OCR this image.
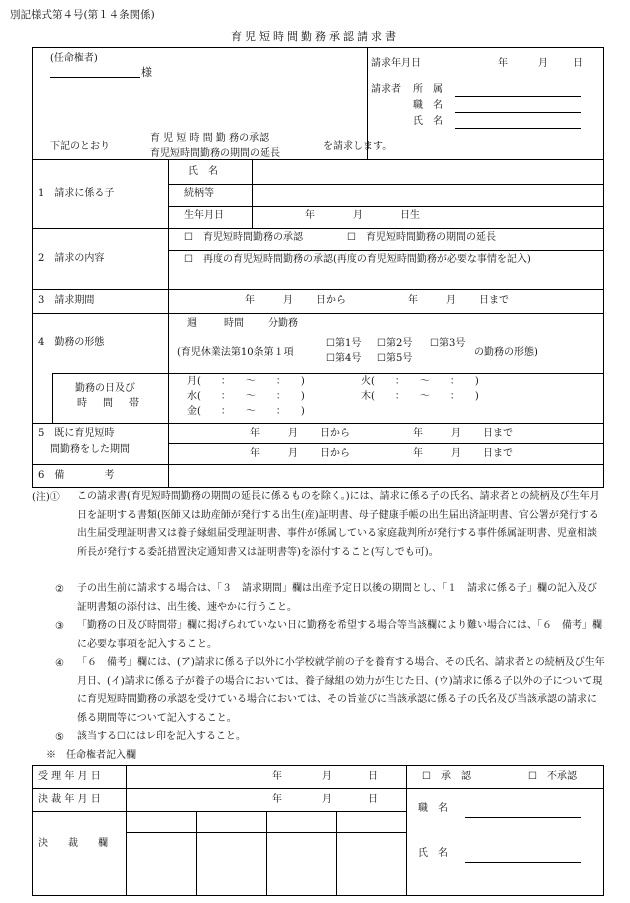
別記様式第４号(第１４条関係)
育児短時間勤務承認請求書
(任命権者)
様
請求年月日	年	月	日
請求者 所　属
職　名
氏　名
下記のとおり
育 児 短 時 間 勤 務の承認
育児短時間勤務の期間の延長
を請求します。
1　請求に係る子
氏　名
続柄等
生年月日	年	月	日生
2　請求の内容
☐　育児短時間勤務の承認	☐　育児短時間勤務の期間の延長
☐　再度の育児短時間勤務の承認(再度の育児短時間勤務が必要な事情を記入)
3　請求期間	年	月 日から	年	月 日まで
4　勤務の形態
週	時間 分勤務
(育児休業法第10条第１項
☐第1号 ☐第2号 ☐第3号
☐第4号 ☐第5号
の勤務の形態)
勤務の日及び
時　間　帯
月(　　：　　～　　：　　)	火(　　：　　～　　：　　)
水(　　：　　～　　：　　)	木(　　：　　～　　：　　)
金(　　：　　～　　：　　)
5　既に育児短時
間勤務をした期間
年	月 日から	年	月 日まで
年	月 日から	年	月 日まで
6　備　　　　考
(注)① この請求書(育児短時間勤務の期間の延長に係るものを除く。)には、請求に係る子の氏名、請求者との続柄及び生年月日を証明する書類(医師又は助産師が発行する出生(産)証明書、母子健康手帳の出生届出済証明書、官公署が発行する出生届受理証明書又は養子縁組届受理証明書、事件が係属している家庭裁判所が発行する事件係属証明書、児童相談所長が発行する委託措置決定通知書又は証明書等)を添付すること(写しでも可)。
② 子の出生前に請求する場合は、「３　請求期間」欄は出産予定日以後の期間とし、「１　請求に係る子」欄の記入及び証明書類の添付は、出生後、速やかに行うこと。
③ 「勤務の日及び時間帯」欄に掲げられていない日に勤務を希望する場合等当該欄により難い場合には、「６　備考」欄に必要な事項を記入すること。
④ 「６　備考」欄には、(ア)請求に係る子以外に小学校就学前の子を養育する場合、その氏名、請求者との続柄及び生年月日、(イ)請求に係る子が養子の場合においては、養子縁組の効力が生じた日、(ウ)請求に係る子以外の子について現に育児短時間勤務の承認を受けている場合においては、その旨並びに当該承認に係る子の氏名及び当該承認の請求に係る期間等について記入すること。
⑤ 該当する☐にはレ印を記入すること。
※　任命権者記入欄
受 理 年 月 日	年	月	日
決 裁 年 月 日	年	月	日
決　　裁　　欄
☐　承　認	☐　不承認
職　名
氏　名
